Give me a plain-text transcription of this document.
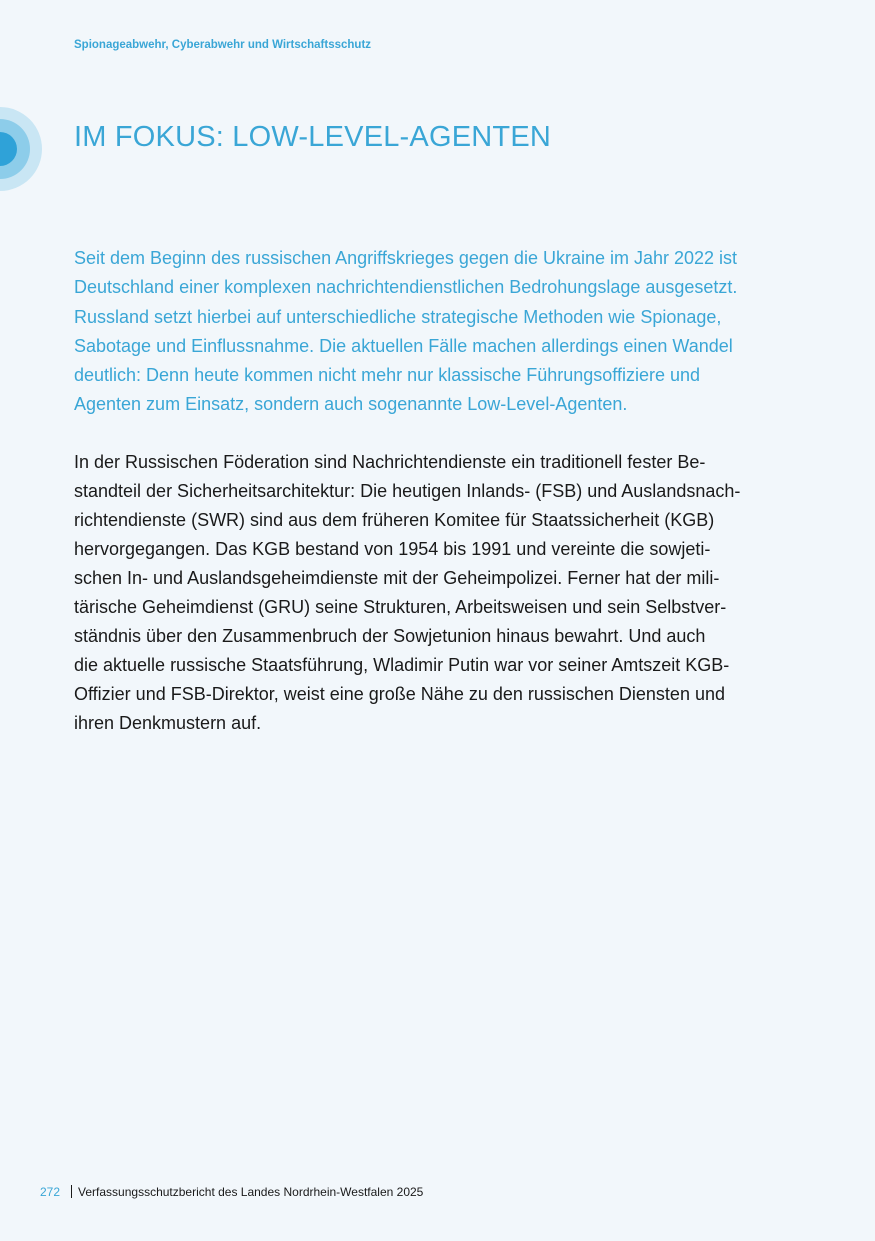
Spionageabwehr, Cyberabwehr und Wirtschaftsschutz
IM FOKUS: LOW-LEVEL-AGENTEN

Seit dem Beginn des russischen Angriffskrieges gegen die Ukraine im Jahr 2022 ist
Deutschland einer komplexen nachrichtendienstlichen Bedrohungslage ausgesetzt.
Russland setzt hierbei auf unterschiedliche strategische Methoden wie Spionage,
Sabotage und Einflussnahme. Die aktuellen Fälle machen allerdings einen Wandel
deutlich: Denn heute kommen nicht mehr nur klassische Führungsoffiziere und
Agenten zum Einsatz, sondern auch sogenannte Low-Level-Agenten.

In der Russischen Föderation sind Nachrichtendienste ein traditionell fester Be-
standteil der Sicherheitsarchitektur: Die heutigen Inlands- (FSB) und Auslandsnach-
richtendienste (SWR) sind aus dem früheren Komitee für Staatssicherheit (KGB)
hervorgegangen. Das KGB bestand von 1954 bis 1991 und vereinte die sowjeti-
schen In- und Auslandsgeheimdienste mit der Geheimpolizei. Ferner hat der mili-
tärische Geheimdienst (GRU) seine Strukturen, Arbeitsweisen und sein Selbstver-
ständnis über den Zusammenbruch der Sowjetunion hinaus bewahrt. Und auch
die aktuelle russische Staatsführung, Wladimir Putin war vor seiner Amtszeit KGB-
Offizier und FSB-Direktor, weist eine große Nähe zu den russischen Diensten und
ihren Denkmustern auf.

272 Verfassungsschutzbericht des Landes Nordrhein-Westfalen 2025
